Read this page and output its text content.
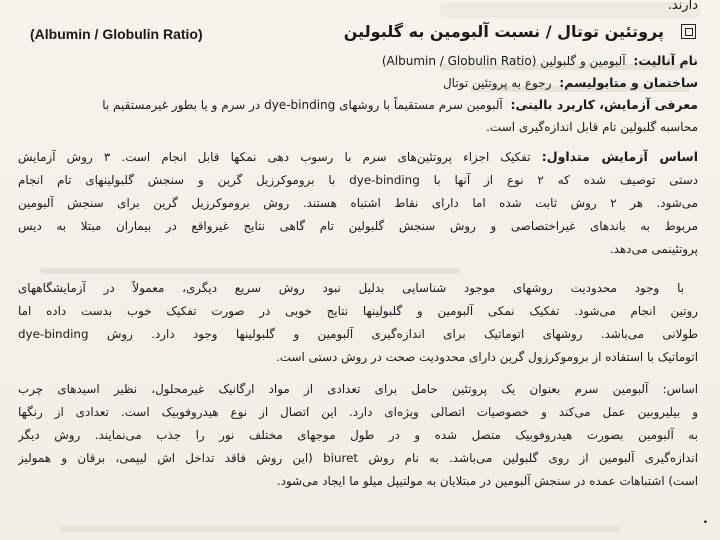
دارند.
(Albumin / Globulin Ratio)	پروتئین توتال / نسبت آلبومین به گلبولین
نام آنالیت: آلبومین و گلبولین (Albumin / Globulin Ratio)
ساختمان و متابولیسم: رجوع به پروتئین توتال
معرفی آزمایش، کاربرد بالینی: آلبومین سرم مستقیماً با روشهای dye-binding در سرم و یا بطور غیرمستقیم با
محاسبه گلبولین تام قابل اندازه‌گیری است.
اساس آزمایش متداول: تفکیک اجزاء پروتئین‌های سرم با رسوب دهی نمکها قابل انجام است. ۳ روش آزمایش
دستی توصیف شده که ۲ نوع از آنها با dye-binding با بروموکرزیل گرین و سنجش گلبولینهای تام انجام
می‌شود. هر ۲ روش ثابت شده اما دارای نقاط اشتباه هستند. روش بروموکرزیل گرین برای سنجش آلبومین
مربوط به باندهای غیراختصاصی و روش سنجش گلبولین تام گاهی نتایج غیرواقع در بیماران مبتلا به دیس
پروتئینمی می‌دهد.
با وجود محدودیت روشهای موجود شناسایی بدلیل نبود روش سریع دیگری، معمولاً در آزمایشگاههای
روتین انجام می‌شود. تفکیک نمکی آلبومین و گلبولینها نتایج خوبی در صورت تفکیک خوب بدست داده اما
طولانی می‌باشد. روشهای اتوماتیک برای اندازه‌گیری آلبومین و گلبولینها وجود دارد. روش dye-binding
اتوماتیک با استفاده از بروموکرزول گرین دارای محدودیت صحت در روش دستی است.
اساس: آلبومین سرم بعنوان یک پروتئین حامل برای تعدادی از مواد ارگانیک غیرمحلول، نظیر اسیدهای چرب
و بیلیروبین عمل می‌کند و خصوصیات اتصالی ویژه‌ای دارد. این اتصال از نوع هیدروفوبیک است. تعدادی از رنگها
به آلبومین بصورت هیدروفوبیک متصل شده و در طول موجهای مختلف نور را جذب می‌نمایند. روش دیگر
اندازه‌گیری آلبومین از روی گلبولین می‌باشد. به نام روش biuret (این روش فاقد تداخل اش لیپمی، برقان و همولیز
است) اشتباهات عمده در سنجش آلبومین در مبتلایان به مولتیپل میلو ما ایجاد می‌شود.
•
